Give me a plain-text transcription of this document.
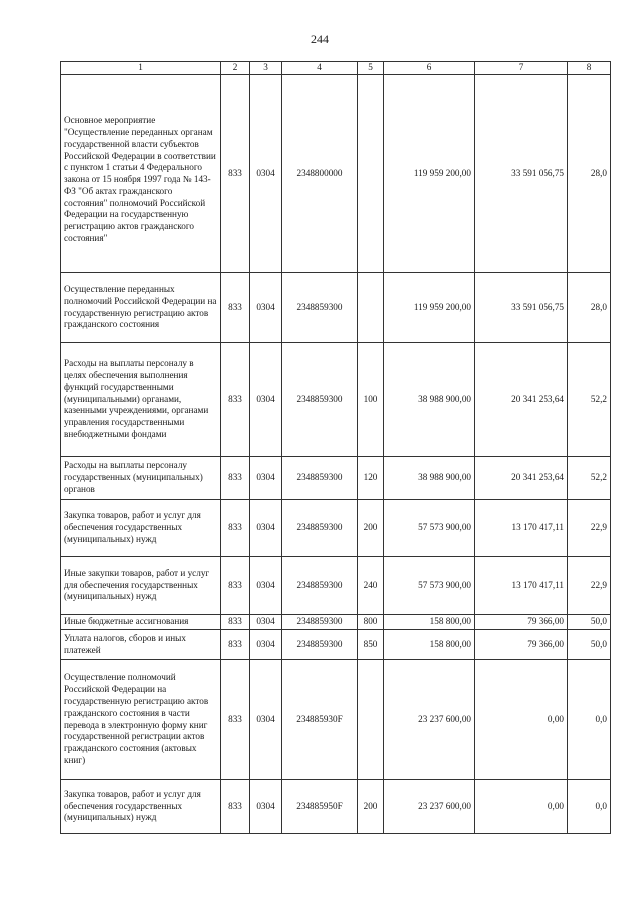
244
1	2	3	4	5	6	7	8
Основное мероприятие "Осуществление переданных органам государственной власти субъектов Российской Федерации в соответствии с пунктом 1 статьи 4 Федерального закона от 15 ноября 1997 года № 143-ФЗ "Об актах гражданского состояния" полномочий Российской Федерации на государственную регистрацию актов гражданского состояния"	833	0304	2348800000		119 959 200,00	33 591 056,75	28,0
Осуществление переданных полномочий Российской Федерации на государственную регистрацию актов гражданского состояния	833	0304	2348859300		119 959 200,00	33 591 056,75	28,0
Расходы на выплаты персоналу в целях обеспечения выполнения функций государственными (муниципальными) органами, казенными учреждениями, органами управления государственными внебюджетными фондами	833	0304	2348859300	100	38 988 900,00	20 341 253,64	52,2
Расходы на выплаты персоналу государственных (муниципальных) органов	833	0304	2348859300	120	38 988 900,00	20 341 253,64	52,2
Закупка товаров, работ и услуг для обеспечения государственных (муниципальных) нужд	833	0304	2348859300	200	57 573 900,00	13 170 417,11	22,9
Иные закупки товаров, работ и услуг для обеспечения государственных (муниципальных) нужд	833	0304	2348859300	240	57 573 900,00	13 170 417,11	22,9
Иные бюджетные ассигнования	833	0304	2348859300	800	158 800,00	79 366,00	50,0
Уплата налогов, сборов и иных платежей	833	0304	2348859300	850	158 800,00	79 366,00	50,0
Осуществление полномочий Российской Федерации на государственную регистрацию актов гражданского состояния в части перевода в электронную форму книг государственной регистрации актов гражданского состояния (актовых книг)	833	0304	234885930F		23 237 600,00	0,00	0,0
Закупка товаров, работ и услуг для обеспечения государственных (муниципальных) нужд	833	0304	234885950F	200	23 237 600,00	0,00	0,0
